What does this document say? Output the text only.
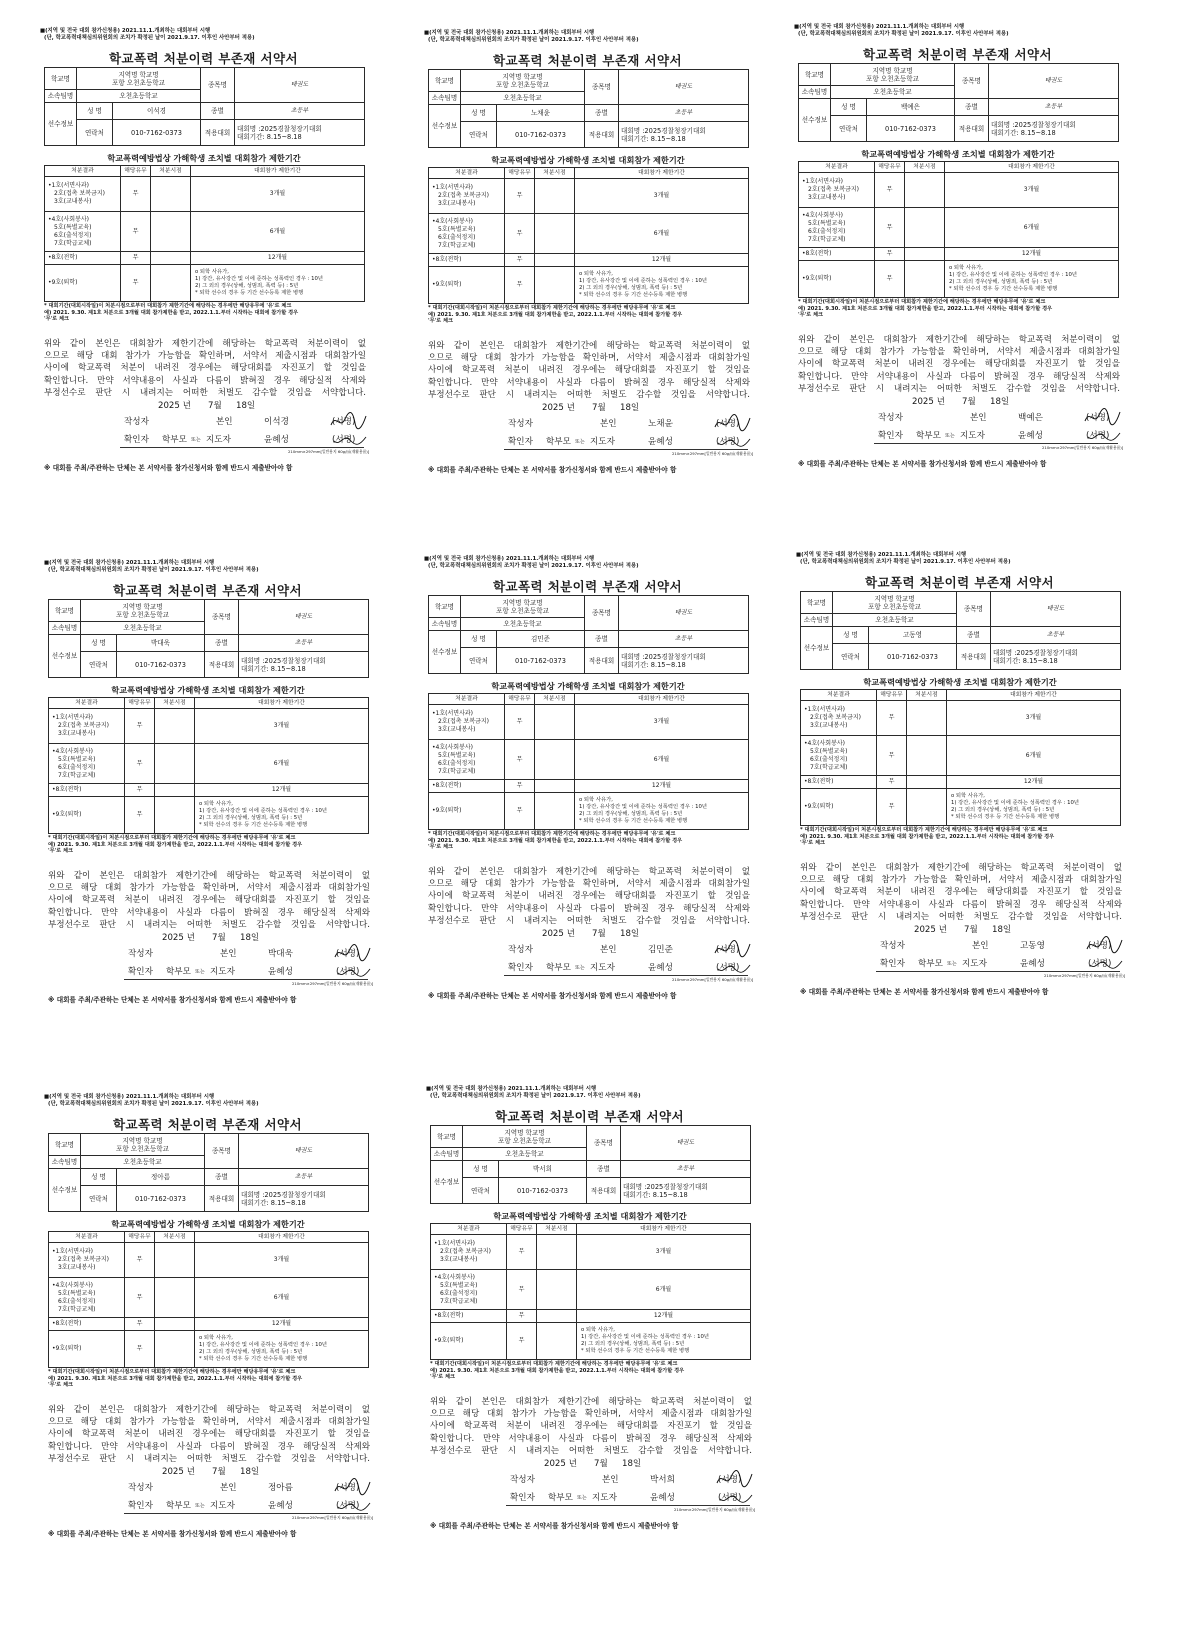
■(지역 및 전국 대회 참가신청용) 2021.11.1.개최하는 대회부터 시행
(단, 학교폭력대책심의위원회의 조치가 확정된 날이 2021.9.17. 이후인 사안부터 적용)
학교폭력 처분이력 부존재 서약서
학교명	지역명 학교명
포항 오천초등학교		종목명	태권도
소속팀명	오천초등학교			
선수정보	성 명	이석경	종별	초등부
	연락처	010-7162-0373	적용대회	대회명 :2025경찰청장기대회
대회기간: 8.15~8.18
학교폭력예방법상 가해학생 조치별 대회참가 제한기간
처분결과	해당유무	처분시점	대회참가 제한기간

•1호(서면사과)
2호(접촉 보복금지)
3호(교내봉사)	무		3개월

•4호(사회봉사)
5호(특별교육)
6호(출석정지)
7호(학급교체)	무		6개월

•8호(전학)	무		12개월

•9호(퇴학)	무		o 퇴학 사유가,
1) 강간, 유사강간 및 이에 준하는 성폭력인 경우 : 10년
2) 그 외의 경우(상해, 성범죄, 폭력 등) : 5년
* 퇴학 선수의 경우 등 기간 선수등록 제한 병행
* 대회기간(대회시작일)이 처분시점으로부터 대회참가 제한기간에 해당하는 경우에만 해당유무에 '유'로 체크
예) 2021. 9.30. 제1호 처분으로 3개월 대회 참가제한을 받고, 2022.1.1.부터 시작하는 대회에 참가할 경우
'무'로 체크
위와 같이 본인은 대회참가 제한기간에 해당하는 학교폭력 처분이력이 없
으므로 해당 대회 참가가 가능함을 확인하며, 서약서 제출시점과 대회참가일
사이에 학교폭력 처분이 내려진 경우에는 해당대회를 자진포기 할 것임을
확인합니다. 만약 서약내용이 사실과 다름이 밝혀질 경우 해당실적 삭제와
부정선수로 판단 시 내려지는 어떠한 처벌도 감수할 것임을 서약합니다.
2025 년 7월 18일
작성자	본인	이석경	(서명)
확인자 학부모 또는 지도자	윤혜성	(서명)
210mm×297mm[일반용지 60g/㎡(재활용품)]
※ 대회를 주최/주관하는 단체는 본 서약서를 참가신청서와 함께 반드시 제출받아야 함
■(지역 및 전국 대회 참가신청용) 2021.11.1.개최하는 대회부터 시행
(단, 학교폭력대책심의위원회의 조치가 확정된 날이 2021.9.17. 이후인 사안부터 적용)
학교폭력 처분이력 부존재 서약서
학교명	지역명 학교명
포항 오천초등학교		종목명	태권도
소속팀명	오천초등학교			
선수정보	성 명	노채윤	종별	초등부
	연락처	010-7162-0373	적용대회	대회명 :2025경찰청장기대회
대회기간: 8.15~8.18
학교폭력예방법상 가해학생 조치별 대회참가 제한기간
처분결과	해당유무	처분시점	대회참가 제한기간

•1호(서면사과)
2호(접촉 보복금지)
3호(교내봉사)	무		3개월

•4호(사회봉사)
5호(특별교육)
6호(출석정지)
7호(학급교체)	무		6개월

•8호(전학)	무		12개월

•9호(퇴학)	무		o 퇴학 사유가,
1) 강간, 유사강간 및 이에 준하는 성폭력인 경우 : 10년
2) 그 외의 경우(상해, 성범죄, 폭력 등) : 5년
* 퇴학 선수의 경우 등 기간 선수등록 제한 병행
* 대회기간(대회시작일)이 처분시점으로부터 대회참가 제한기간에 해당하는 경우에만 해당유무에 '유'로 체크
예) 2021. 9.30. 제1호 처분으로 3개월 대회 참가제한을 받고, 2022.1.1.부터 시작하는 대회에 참가할 경우
'무'로 체크
위와 같이 본인은 대회참가 제한기간에 해당하는 학교폭력 처분이력이 없
으므로 해당 대회 참가가 가능함을 확인하며, 서약서 제출시점과 대회참가일
사이에 학교폭력 처분이 내려진 경우에는 해당대회를 자진포기 할 것임을
확인합니다. 만약 서약내용이 사실과 다름이 밝혀질 경우 해당실적 삭제와
부정선수로 판단 시 내려지는 어떠한 처벌도 감수할 것임을 서약합니다.
2025 년 7월 18일
작성자	본인	노채윤	(서명)
확인자 학부모 또는 지도자	윤혜성	(서명)
210mm×297mm[일반용지 60g/㎡(재활용품)]
※ 대회를 주최/주관하는 단체는 본 서약서를 참가신청서와 함께 반드시 제출받아야 함
■(지역 및 전국 대회 참가신청용) 2021.11.1.개최하는 대회부터 시행
(단, 학교폭력대책심의위원회의 조치가 확정된 날이 2021.9.17. 이후인 사안부터 적용)
학교폭력 처분이력 부존재 서약서
학교명	지역명 학교명
포항 오천초등학교		종목명	태권도
소속팀명	오천초등학교			
선수정보	성 명	백예은	종별	초등부
	연락처	010-7162-0373	적용대회	대회명 :2025경찰청장기대회
대회기간: 8.15~8.18
학교폭력예방법상 가해학생 조치별 대회참가 제한기간
처분결과	해당유무	처분시점	대회참가 제한기간

•1호(서면사과)
2호(접촉 보복금지)
3호(교내봉사)	무		3개월

•4호(사회봉사)
5호(특별교육)
6호(출석정지)
7호(학급교체)	무		6개월

•8호(전학)	무		12개월

•9호(퇴학)	무		o 퇴학 사유가,
1) 강간, 유사강간 및 이에 준하는 성폭력인 경우 : 10년
2) 그 외의 경우(상해, 성범죄, 폭력 등) : 5년
* 퇴학 선수의 경우 등 기간 선수등록 제한 병행
* 대회기간(대회시작일)이 처분시점으로부터 대회참가 제한기간에 해당하는 경우에만 해당유무에 '유'로 체크
예) 2021. 9.30. 제1호 처분으로 3개월 대회 참가제한을 받고, 2022.1.1.부터 시작하는 대회에 참가할 경우
'무'로 체크
위와 같이 본인은 대회참가 제한기간에 해당하는 학교폭력 처분이력이 없
으므로 해당 대회 참가가 가능함을 확인하며, 서약서 제출시점과 대회참가일
사이에 학교폭력 처분이 내려진 경우에는 해당대회를 자진포기 할 것임을
확인합니다. 만약 서약내용이 사실과 다름이 밝혀질 경우 해당실적 삭제와
부정선수로 판단 시 내려지는 어떠한 처벌도 감수할 것임을 서약합니다.
2025 년 7월 18일
작성자	본인	백예은	(서명)
확인자 학부모 또는 지도자	윤혜성	(서명)
210mm×297mm[일반용지 60g/㎡(재활용품)]
※ 대회를 주최/주관하는 단체는 본 서약서를 참가신청서와 함께 반드시 제출받아야 함
■(지역 및 전국 대회 참가신청용) 2021.11.1.개최하는 대회부터 시행
(단, 학교폭력대책심의위원회의 조치가 확정된 날이 2021.9.17. 이후인 사안부터 적용)
학교폭력 처분이력 부존재 서약서
학교명	지역명 학교명
포항 오천초등학교		종목명	태권도
소속팀명	오천초등학교			
선수정보	성 명	박대욱	종별	초등부
	연락처	010-7162-0373	적용대회	대회명 :2025경찰청장기대회
대회기간: 8.15~8.18
학교폭력예방법상 가해학생 조치별 대회참가 제한기간
처분결과	해당유무	처분시점	대회참가 제한기간

•1호(서면사과)
2호(접촉 보복금지)
3호(교내봉사)	무		3개월

•4호(사회봉사)
5호(특별교육)
6호(출석정지)
7호(학급교체)	무		6개월

•8호(전학)	무		12개월

•9호(퇴학)	무		o 퇴학 사유가,
1) 강간, 유사강간 및 이에 준하는 성폭력인 경우 : 10년
2) 그 외의 경우(상해, 성범죄, 폭력 등) : 5년
* 퇴학 선수의 경우 등 기간 선수등록 제한 병행
* 대회기간(대회시작일)이 처분시점으로부터 대회참가 제한기간에 해당하는 경우에만 해당유무에 '유'로 체크
예) 2021. 9.30. 제1호 처분으로 3개월 대회 참가제한을 받고, 2022.1.1.부터 시작하는 대회에 참가할 경우
'무'로 체크
위와 같이 본인은 대회참가 제한기간에 해당하는 학교폭력 처분이력이 없
으므로 해당 대회 참가가 가능함을 확인하며, 서약서 제출시점과 대회참가일
사이에 학교폭력 처분이 내려진 경우에는 해당대회를 자진포기 할 것임을
확인합니다. 만약 서약내용이 사실과 다름이 밝혀질 경우 해당실적 삭제와
부정선수로 판단 시 내려지는 어떠한 처벌도 감수할 것임을 서약합니다.
2025 년 7월 18일
작성자	본인	박대욱	(서명)
확인자 학부모 또는 지도자	윤혜성	(서명)
210mm×297mm[일반용지 60g/㎡(재활용품)]
※ 대회를 주최/주관하는 단체는 본 서약서를 참가신청서와 함께 반드시 제출받아야 함
■(지역 및 전국 대회 참가신청용) 2021.11.1.개최하는 대회부터 시행
(단, 학교폭력대책심의위원회의 조치가 확정된 날이 2021.9.17. 이후인 사안부터 적용)
학교폭력 처분이력 부존재 서약서
학교명	지역명 학교명
포항 오천초등학교		종목명	태권도
소속팀명	오천초등학교			
선수정보	성 명	김민준	종별	초등부
	연락처	010-7162-0373	적용대회	대회명 :2025경찰청장기대회
대회기간: 8.15~8.18
학교폭력예방법상 가해학생 조치별 대회참가 제한기간
처분결과	해당유무	처분시점	대회참가 제한기간

•1호(서면사과)
2호(접촉 보복금지)
3호(교내봉사)	무		3개월

•4호(사회봉사)
5호(특별교육)
6호(출석정지)
7호(학급교체)	무		6개월

•8호(전학)	무		12개월

•9호(퇴학)	무		o 퇴학 사유가,
1) 강간, 유사강간 및 이에 준하는 성폭력인 경우 : 10년
2) 그 외의 경우(상해, 성범죄, 폭력 등) : 5년
* 퇴학 선수의 경우 등 기간 선수등록 제한 병행
* 대회기간(대회시작일)이 처분시점으로부터 대회참가 제한기간에 해당하는 경우에만 해당유무에 '유'로 체크
예) 2021. 9.30. 제1호 처분으로 3개월 대회 참가제한을 받고, 2022.1.1.부터 시작하는 대회에 참가할 경우
'무'로 체크
위와 같이 본인은 대회참가 제한기간에 해당하는 학교폭력 처분이력이 없
으므로 해당 대회 참가가 가능함을 확인하며, 서약서 제출시점과 대회참가일
사이에 학교폭력 처분이 내려진 경우에는 해당대회를 자진포기 할 것임을
확인합니다. 만약 서약내용이 사실과 다름이 밝혀질 경우 해당실적 삭제와
부정선수로 판단 시 내려지는 어떠한 처벌도 감수할 것임을 서약합니다.
2025 년 7월 18일
작성자	본인	김민준	(서명)
확인자 학부모 또는 지도자	윤혜성	(서명)
210mm×297mm[일반용지 60g/㎡(재활용품)]
※ 대회를 주최/주관하는 단체는 본 서약서를 참가신청서와 함께 반드시 제출받아야 함
■(지역 및 전국 대회 참가신청용) 2021.11.1.개최하는 대회부터 시행
(단, 학교폭력대책심의위원회의 조치가 확정된 날이 2021.9.17. 이후인 사안부터 적용)
학교폭력 처분이력 부존재 서약서
학교명	지역명 학교명
포항 오천초등학교		종목명	태권도
소속팀명	오천초등학교			
선수정보	성 명	고동영	종별	초등부
	연락처	010-7162-0373	적용대회	대회명 :2025경찰청장기대회
대회기간: 8.15~8.18
학교폭력예방법상 가해학생 조치별 대회참가 제한기간
처분결과	해당유무	처분시점	대회참가 제한기간

•1호(서면사과)
2호(접촉 보복금지)
3호(교내봉사)	무		3개월

•4호(사회봉사)
5호(특별교육)
6호(출석정지)
7호(학급교체)	무		6개월

•8호(전학)	무		12개월

•9호(퇴학)	무		o 퇴학 사유가,
1) 강간, 유사강간 및 이에 준하는 성폭력인 경우 : 10년
2) 그 외의 경우(상해, 성범죄, 폭력 등) : 5년
* 퇴학 선수의 경우 등 기간 선수등록 제한 병행
* 대회기간(대회시작일)이 처분시점으로부터 대회참가 제한기간에 해당하는 경우에만 해당유무에 '유'로 체크
예) 2021. 9.30. 제1호 처분으로 3개월 대회 참가제한을 받고, 2022.1.1.부터 시작하는 대회에 참가할 경우
'무'로 체크
위와 같이 본인은 대회참가 제한기간에 해당하는 학교폭력 처분이력이 없
으므로 해당 대회 참가가 가능함을 확인하며, 서약서 제출시점과 대회참가일
사이에 학교폭력 처분이 내려진 경우에는 해당대회를 자진포기 할 것임을
확인합니다. 만약 서약내용이 사실과 다름이 밝혀질 경우 해당실적 삭제와
부정선수로 판단 시 내려지는 어떠한 처벌도 감수할 것임을 서약합니다.
2025 년 7월 18일
작성자	본인	고동영	(서명)
확인자 학부모 또는 지도자	윤혜성	(서명)
210mm×297mm[일반용지 60g/㎡(재활용품)]
※ 대회를 주최/주관하는 단체는 본 서약서를 참가신청서와 함께 반드시 제출받아야 함
■(지역 및 전국 대회 참가신청용) 2021.11.1.개최하는 대회부터 시행
(단, 학교폭력대책심의위원회의 조치가 확정된 날이 2021.9.17. 이후인 사안부터 적용)
학교폭력 처분이력 부존재 서약서
학교명	지역명 학교명
포항 오천초등학교		종목명	태권도
소속팀명	오천초등학교			
선수정보	성 명	정아름	종별	초등부
	연락처	010-7162-0373	적용대회	대회명 :2025경찰청장기대회
대회기간: 8.15~8.18
학교폭력예방법상 가해학생 조치별 대회참가 제한기간
처분결과	해당유무	처분시점	대회참가 제한기간

•1호(서면사과)
2호(접촉 보복금지)
3호(교내봉사)	무		3개월

•4호(사회봉사)
5호(특별교육)
6호(출석정지)
7호(학급교체)	무		6개월

•8호(전학)	무		12개월

•9호(퇴학)	무		o 퇴학 사유가,
1) 강간, 유사강간 및 이에 준하는 성폭력인 경우 : 10년
2) 그 외의 경우(상해, 성범죄, 폭력 등) : 5년
* 퇴학 선수의 경우 등 기간 선수등록 제한 병행
* 대회기간(대회시작일)이 처분시점으로부터 대회참가 제한기간에 해당하는 경우에만 해당유무에 '유'로 체크
예) 2021. 9.30. 제1호 처분으로 3개월 대회 참가제한을 받고, 2022.1.1.부터 시작하는 대회에 참가할 경우
'무'로 체크
위와 같이 본인은 대회참가 제한기간에 해당하는 학교폭력 처분이력이 없
으므로 해당 대회 참가가 가능함을 확인하며, 서약서 제출시점과 대회참가일
사이에 학교폭력 처분이 내려진 경우에는 해당대회를 자진포기 할 것임을
확인합니다. 만약 서약내용이 사실과 다름이 밝혀질 경우 해당실적 삭제와
부정선수로 판단 시 내려지는 어떠한 처벌도 감수할 것임을 서약합니다.
2025 년 7월 18일
작성자	본인	정아름	(서명)
확인자 학부모 또는 지도자	윤혜성	(서명)
210mm×297mm[일반용지 60g/㎡(재활용품)]
※ 대회를 주최/주관하는 단체는 본 서약서를 참가신청서와 함께 반드시 제출받아야 함
■(지역 및 전국 대회 참가신청용) 2021.11.1.개최하는 대회부터 시행
(단, 학교폭력대책심의위원회의 조치가 확정된 날이 2021.9.17. 이후인 사안부터 적용)
학교폭력 처분이력 부존재 서약서
학교명	지역명 학교명
포항 오천초등학교		종목명	태권도
소속팀명	오천초등학교			
선수정보	성 명	박서희	종별	초등부
	연락처	010-7162-0373	적용대회	대회명 :2025경찰청장기대회
대회기간: 8.15~8.18
학교폭력예방법상 가해학생 조치별 대회참가 제한기간
처분결과	해당유무	처분시점	대회참가 제한기간

•1호(서면사과)
2호(접촉 보복금지)
3호(교내봉사)	무		3개월

•4호(사회봉사)
5호(특별교육)
6호(출석정지)
7호(학급교체)	무		6개월

•8호(전학)	무		12개월

•9호(퇴학)	무		o 퇴학 사유가,
1) 강간, 유사강간 및 이에 준하는 성폭력인 경우 : 10년
2) 그 외의 경우(상해, 성범죄, 폭력 등) : 5년
* 퇴학 선수의 경우 등 기간 선수등록 제한 병행
* 대회기간(대회시작일)이 처분시점으로부터 대회참가 제한기간에 해당하는 경우에만 해당유무에 '유'로 체크
예) 2021. 9.30. 제1호 처분으로 3개월 대회 참가제한을 받고, 2022.1.1.부터 시작하는 대회에 참가할 경우
'무'로 체크
위와 같이 본인은 대회참가 제한기간에 해당하는 학교폭력 처분이력이 없
으므로 해당 대회 참가가 가능함을 확인하며, 서약서 제출시점과 대회참가일
사이에 학교폭력 처분이 내려진 경우에는 해당대회를 자진포기 할 것임을
확인합니다. 만약 서약내용이 사실과 다름이 밝혀질 경우 해당실적 삭제와
부정선수로 판단 시 내려지는 어떠한 처벌도 감수할 것임을 서약합니다.
2025 년 7월 18일
작성자	본인	박서희	(서명)
확인자 학부모 또는 지도자	윤혜성	(서명)
210mm×297mm[일반용지 60g/㎡(재활용품)]
※ 대회를 주최/주관하는 단체는 본 서약서를 참가신청서와 함께 반드시 제출받아야 함
